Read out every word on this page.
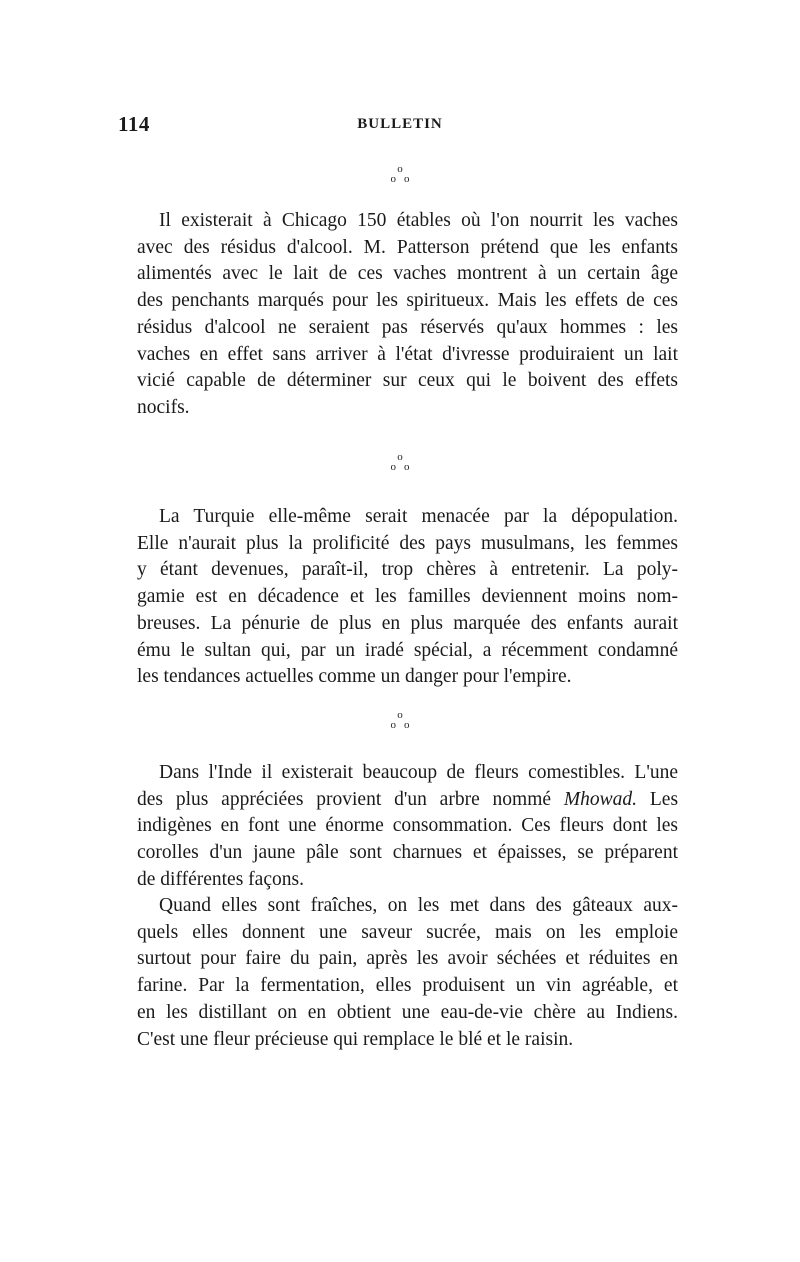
114	BULLETIN
o
oo
Il existerait à Chicago 150 étables où l'on nourrit les vaches
avec des résidus d'alcool. M. Patterson prétend que les enfants
alimentés avec le lait de ces vaches montrent à un certain âge
des penchants marqués pour les spiritueux. Mais les effets de ces
résidus d'alcool ne seraient pas réservés qu'aux hommes : les
vaches en effet sans arriver à l'état d'ivresse produiraient un lait
vicié capable de déterminer sur ceux qui le boivent des effets
nocifs.
o
oo
La Turquie elle-même serait menacée par la dépopulation.
Elle n'aurait plus la prolificité des pays musulmans, les femmes
y étant devenues, paraît-il, trop chères à entretenir. La poly-
gamie est en décadence et les familles deviennent moins nom-
breuses. La pénurie de plus en plus marquée des enfants aurait
ému le sultan qui, par un iradé spécial, a récemment condamné
les tendances actuelles comme un danger pour l'empire.
o
oo
Dans l'Inde il existerait beaucoup de fleurs comestibles. L'une
des plus appréciées provient d'un arbre nommé Mhowad. Les
indigènes en font une énorme consommation. Ces fleurs dont les
corolles d'un jaune pâle sont charnues et épaisses, se préparent
de différentes façons.
Quand elles sont fraîches, on les met dans des gâteaux aux-
quels elles donnent une saveur sucrée, mais on les emploie
surtout pour faire du pain, après les avoir séchées et réduites en
farine. Par la fermentation, elles produisent un vin agréable, et
en les distillant on en obtient une eau-de-vie chère au Indiens.
C'est une fleur précieuse qui remplace le blé et le raisin.
